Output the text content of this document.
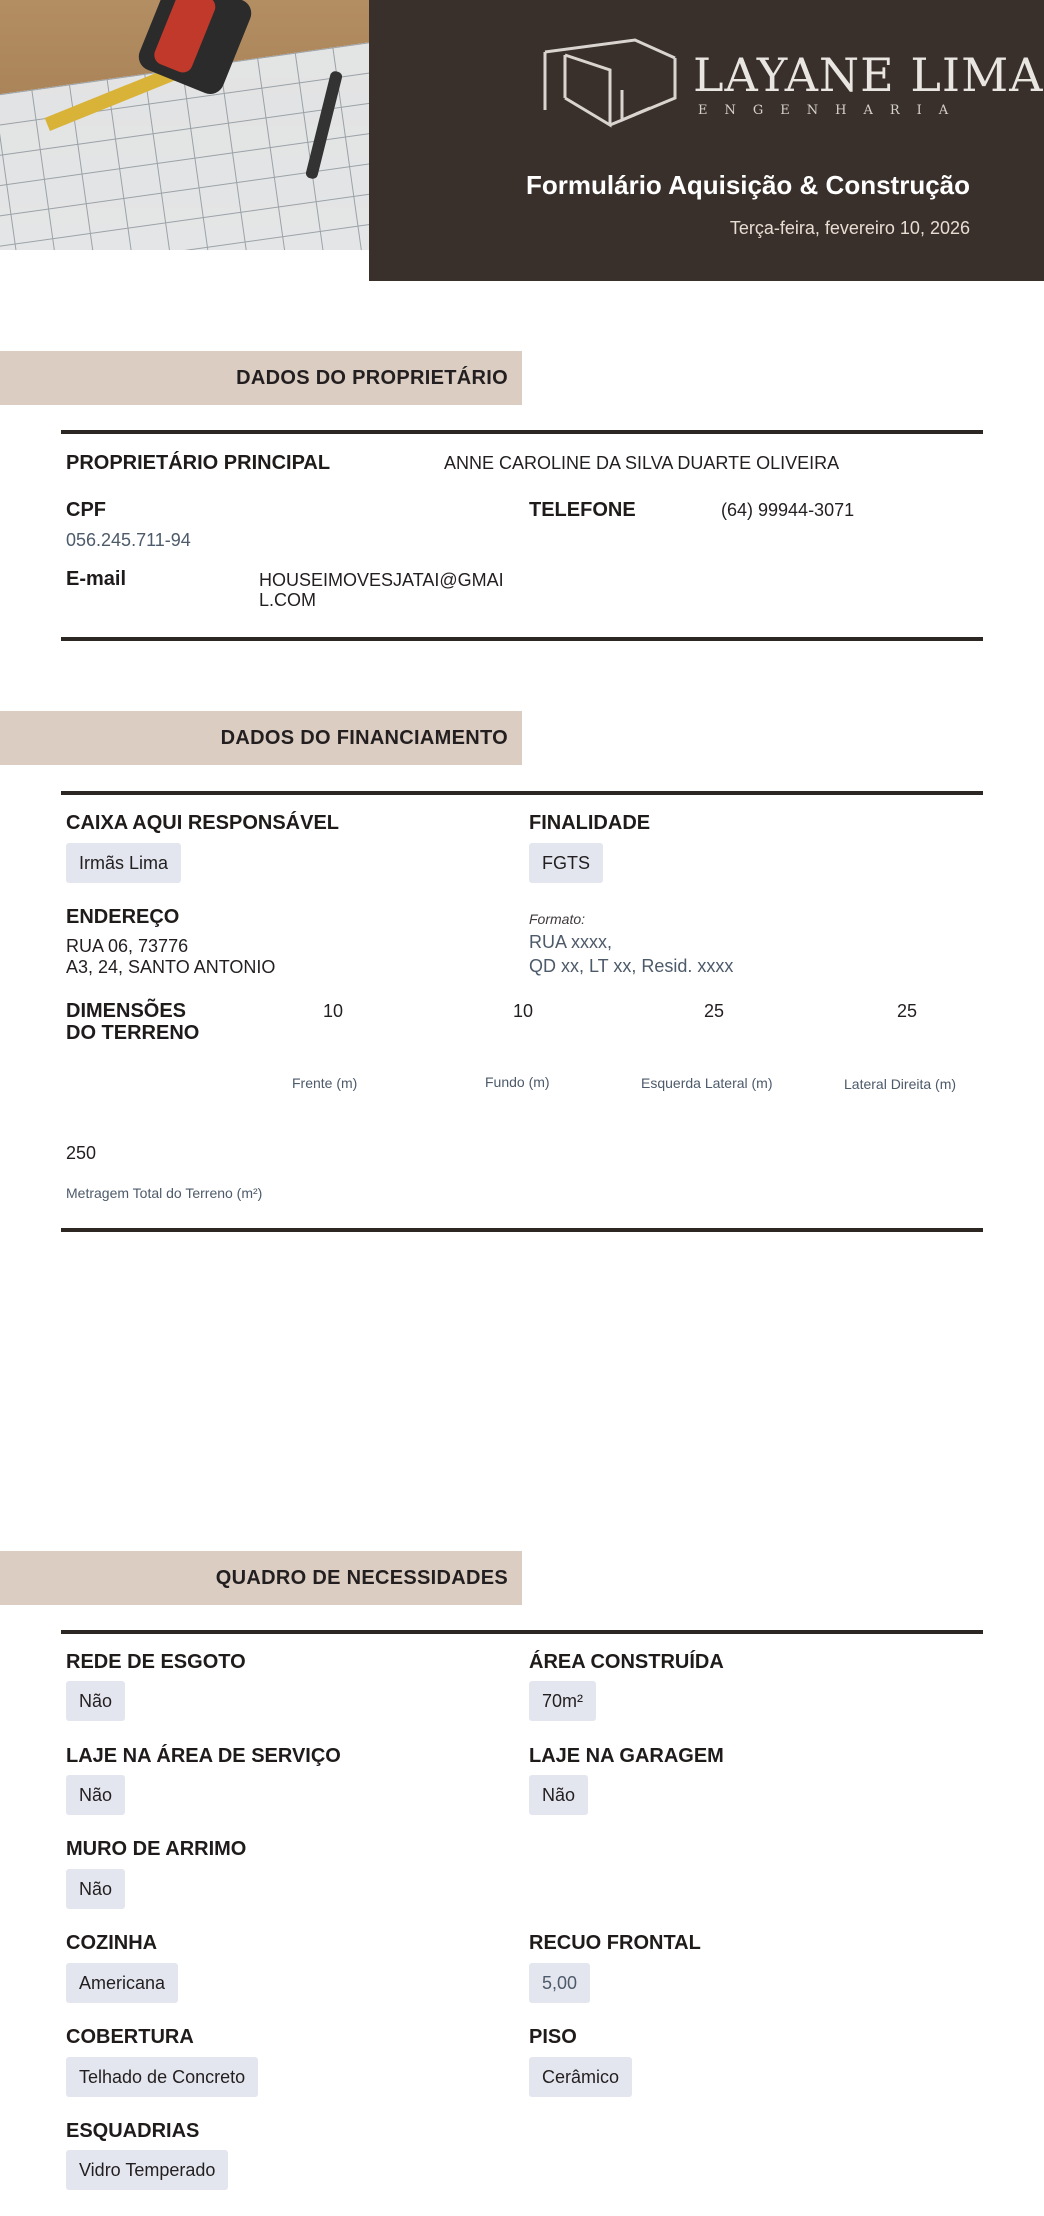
LAYANE LIMA
ENGENHARIA
Formulário Aquisição & Construção
Terça-feira, fevereiro 10, 2026
DADOS DO PROPRIETÁRIO
PROPRIETÁRIO PRINCIPAL	ANNE CAROLINE DA SILVA DUARTE OLIVEIRA
CPF
056.245.711-94
TELEFONE	(64) 99944-3071
E-mail	HOUSEIMOVESJATAI@GMAI
L.COM
DADOS DO FINANCIAMENTO
CAIXA AQUI RESPONSÁVEL
Irmãs Lima
FINALIDADE
FGTS
ENDEREÇO
RUA 06, 73776
A3, 24, SANTO ANTONIO
Formato:
RUA xxxx,
QD xx, LT xx, Resid. xxxx
DIMENSÕES
DO TERRENO
10	10	25	25
Frente (m)	Fundo (m)	Esquerda Lateral (m)	Lateral Direita (m)
250
Metragem Total do Terreno (m²)
QUADRO DE NECESSIDADES
REDE DE ESGOTO
Não
ÁREA CONSTRUÍDA
70m²
LAJE NA ÁREA DE SERVIÇO
Não
LAJE NA GARAGEM
Não
MURO DE ARRIMO
Não
COZINHA
Americana
RECUO FRONTAL
5,00
COBERTURA
Telhado de Concreto
PISO
Cerâmico
ESQUADRIAS
Vidro Temperado
